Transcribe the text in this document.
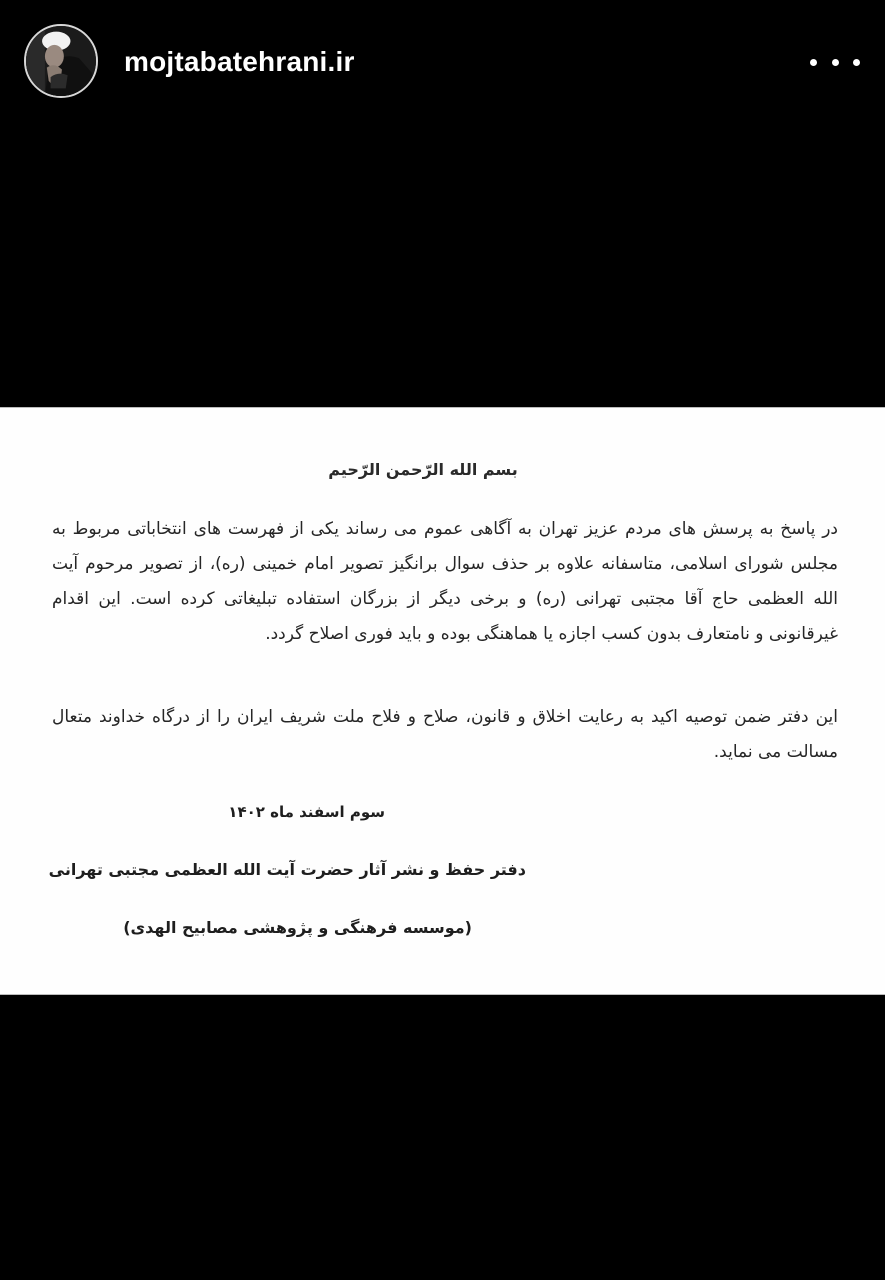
mojtabatehrani.ir
بسم الله الرّحمن الرّحیم
در پاسخ به پرسش های مردم عزیز تهران به آگاهی عموم می رساند یکی از فهرست های انتخاباتی مربوط به مجلس شورای اسلامی، متاسفانه علاوه بر حذف سوال برانگیز تصویر امام خمینی (ره)، از تصویر مرحوم آیت الله العظمی حاج آقا مجتبی تهرانی (ره) و برخی دیگر از بزرگان استفاده تبلیغاتی کرده است. این اقدام غیرقانونی و نامتعارف بدون کسب اجازه یا هماهنگی بوده و باید فوری اصلاح گردد.
این دفتر ضمن توصیه اکید به رعایت اخلاق و قانون، صلاح و فلاح ملت شریف ایران را از درگاه خداوند متعال مسالت می نماید.
سوم اسفند ماه ۱۴۰۲
دفتر حفظ و نشر آثار حضرت آیت الله العظمی مجتبی تهرانی
(موسسه فرهنگی و پژوهشی مصابیح الهدی)
